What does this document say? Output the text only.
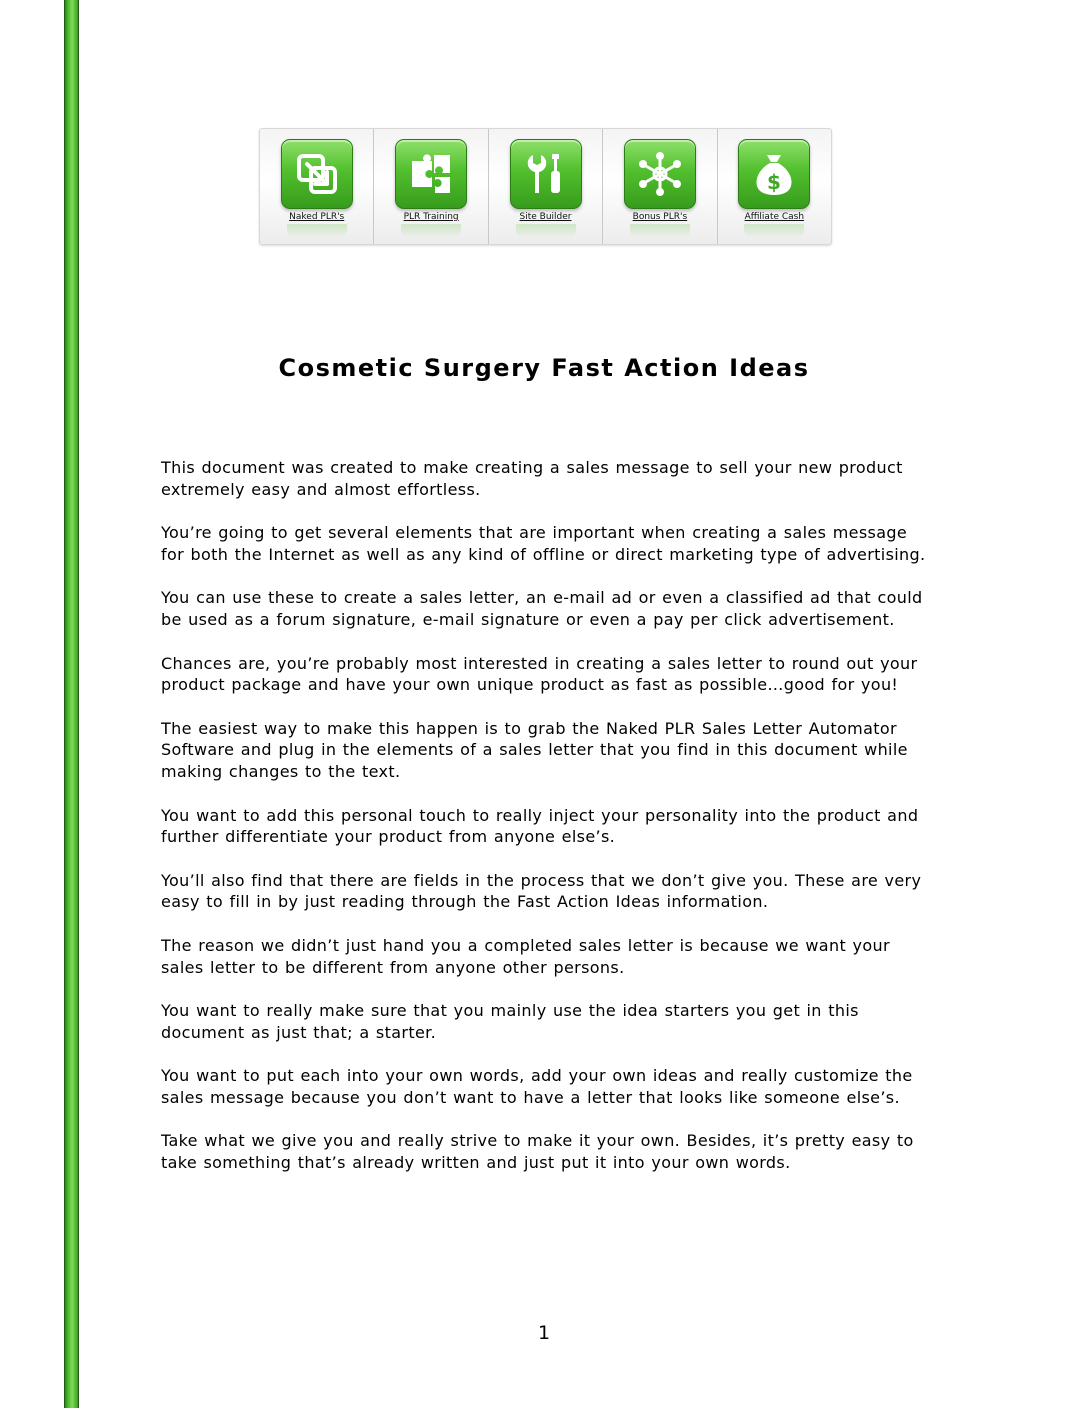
Naked PLR's	PLR Training	Site Builder	Bonus PLR's
$
Affiliate Cash
Cosmetic Surgery Fast Action Ideas

This document was created to make creating a sales message to sell your new product extremely easy and almost effortless.

You’re going to get several elements that are important when creating a sales message for both the Internet as well as any kind of offline or direct marketing type of advertising.

You can use these to create a sales letter, an e-mail ad or even a classified ad that could be used as a forum signature, e-mail signature or even a pay per click advertisement.

Chances are, you’re probably most interested in creating a sales letter to round out your product package and have your own unique product as fast as possible…good for you!

The easiest way to make this happen is to grab the Naked PLR Sales Letter Automator Software and plug in the elements of a sales letter that you find in this document while making changes to the text.

You want to add this personal touch to really inject your personality into the product and further differentiate your product from anyone else’s.

You’ll also find that there are fields in the process that we don’t give you. These are very easy to fill in by just reading through the Fast Action Ideas information.

The reason we didn’t just hand you a completed sales letter is because we want your sales letter to be different from anyone other persons.

You want to really make sure that you mainly use the idea starters you get in this document as just that; a starter.

You want to put each into your own words, add your own ideas and really customize the sales message because you don’t want to have a letter that looks like someone else’s.

Take what we give you and really strive to make it your own. Besides, it’s pretty easy to take something that’s already written and just put it into your own words.

1
